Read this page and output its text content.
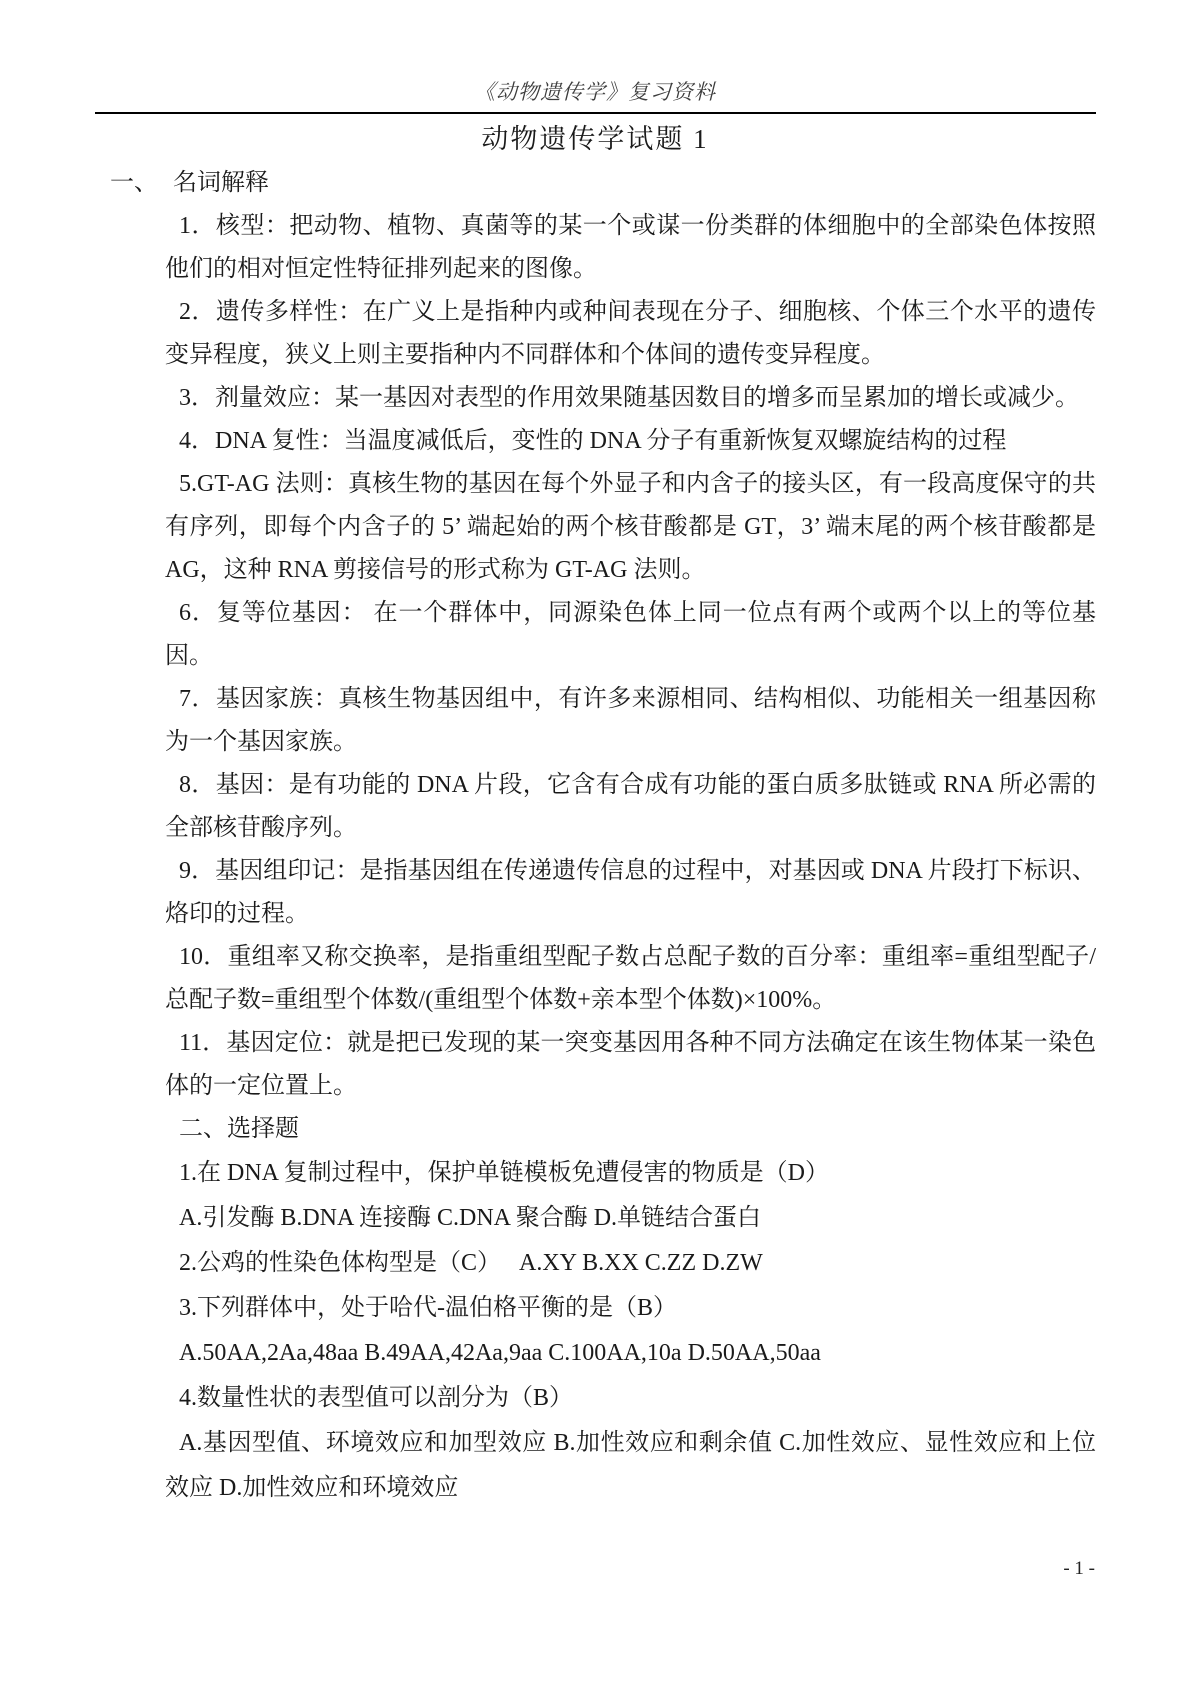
《动物遗传学》复习资料
动物遗传学试题 1
一、 名词解释

1．核型：把动物、植物、真菌等的某一个或谋一份类群的体细胞中的全部染色体按照他们的相对恒定性特征排列起来的图像。

2．遗传多样性：在广义上是指种内或种间表现在分子、细胞核、个体三个水平的遗传变异程度，狭义上则主要指种内不同群体和个体间的遗传变异程度。

3．剂量效应：某一基因对表型的作用效果随基因数目的增多而呈累加的增长或减少。

4．DNA 复性：当温度减低后，变性的 DNA 分子有重新恢复双螺旋结构的过程

5.GT-AG 法则：真核生物的基因在每个外显子和内含子的接头区，有一段高度保守的共有序列，即每个内含子的 5’ 端起始的两个核苷酸都是 GT，3’ 端末尾的两个核苷酸都是 AG，这种 RNA 剪接信号的形式称为 GT-AG 法则。

6．复等位基因： 在一个群体中，同源染色体上同一位点有两个或两个以上的等位基因。

7．基因家族：真核生物基因组中，有许多来源相同、结构相似、功能相关一组基因称为一个基因家族。

8．基因：是有功能的 DNA 片段，它含有合成有功能的蛋白质多肽链或 RNA 所必需的全部核苷酸序列。

9．基因组印记：是指基因组在传递遗传信息的过程中，对基因或 DNA 片段打下标识、烙印的过程。

10．重组率又称交换率，是指重组型配子数占总配子数的百分率：重组率=重组型配子/总配子数=重组型个体数/(重组型个体数+亲本型个体数)×100%。

11．基因定位：就是把已发现的某一突变基因用各种不同方法确定在该生物体某一染色体的一定位置上。

二、选择题

1.在 DNA 复制过程中，保护单链模板免遭侵害的物质是（D）

A.引发酶 B.DNA 连接酶 C.DNA 聚合酶 D.单链结合蛋白

2.公鸡的性染色体构型是（C）　 A.XY B.XX C.ZZ D.ZW

3.下列群体中，处于哈代-温伯格平衡的是（B）

A.50AA,2Aa,48aa B.49AA,42Aa,9aa C.100AA,10a D.50AA,50aa

4.数量性状的表型值可以剖分为（B）

A.基因型值、环境效应和加型效应 B.加性效应和剩余值 C.加性效应、显性效应和上位效应 D.加性效应和环境效应

- 1 -
